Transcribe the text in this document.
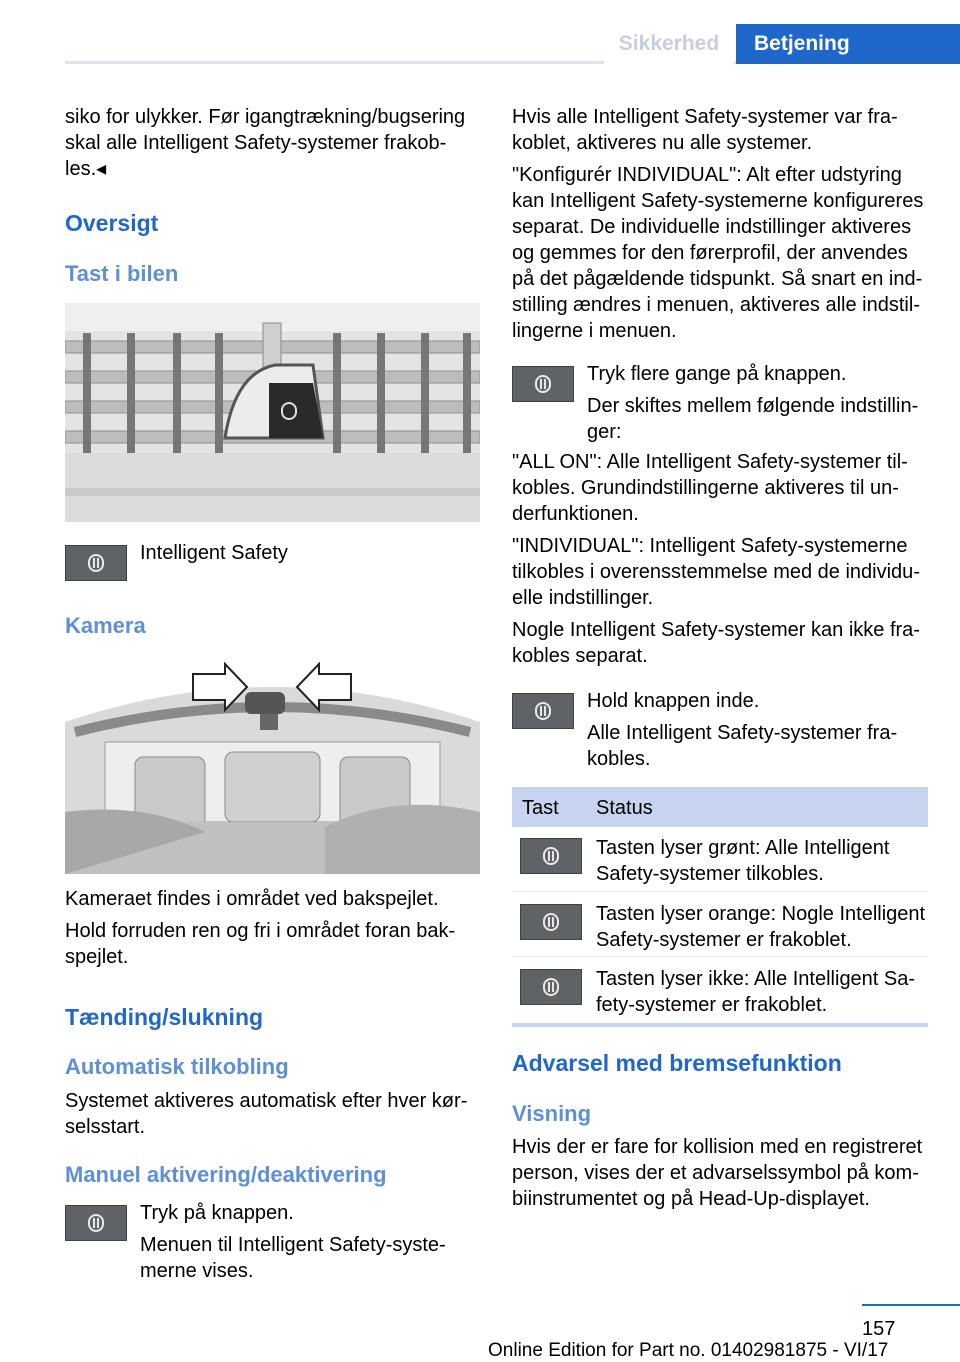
Sikkerhed	Betjening

siko for ulykker. Før igangtrækning/bugsering skal alle Intelligent Safety-systemer frakobles.◂

Oversigt
Tast i bilen
Intelligent Safety
Kamera

Kameraet findes i området ved bakspejlet.

Hold forruden ren og fri i området foran bakspejlet.

Tænding/slukning
Automatisk tilkobling

Systemet aktiveres automatisk efter hver kørselsstart.

Manuel aktivering/deaktivering
Tryk på knappen.
Menuen til Intelligent Safety-systemerne vises.

Hvis alle Intelligent Safety-systemer var frakoblet, aktiveres nu alle systemer.

"Konfigurér INDIVIDUAL": Alt efter udstyring kan Intelligent Safety-systemerne konfigureres separat. De individuelle indstillinger aktiveres og gemmes for den førerprofil, der anvendes på det pågældende tidspunkt. Så snart en indstilling ændres i menuen, aktiveres alle indstillingerne i menuen.

Tryk flere gange på knappen.
Der skiftes mellem følgende indstillinger:

"ALL ON": Alle Intelligent Safety-systemer tilkobles. Grundindstillingerne aktiveres til underfunktionen.

"INDIVIDUAL": Intelligent Safety-systemerne tilkobles i overensstemmelse med de individuelle indstillinger.

Nogle Intelligent Safety-systemer kan ikke frakobles separat.

Hold knappen inde.
Alle Intelligent Safety-systemer frakobles.
Tast Status
Tasten lyser grønt: Alle Intelligent Safety-systemer tilkobles.
Tasten lyser orange: Nogle Intelligent Safety-systemer er frakoblet.
Tasten lyser ikke: Alle Intelligent Safety-systemer er frakoblet.
Advarsel med bremsefunktion
Visning

Hvis der er fare for kollision med en registreret person, vises der et advarselssymbol på kombiinstrumentet og på Head-Up-displayet.

157
Online Edition for Part no. 01402981875 - VI/17
